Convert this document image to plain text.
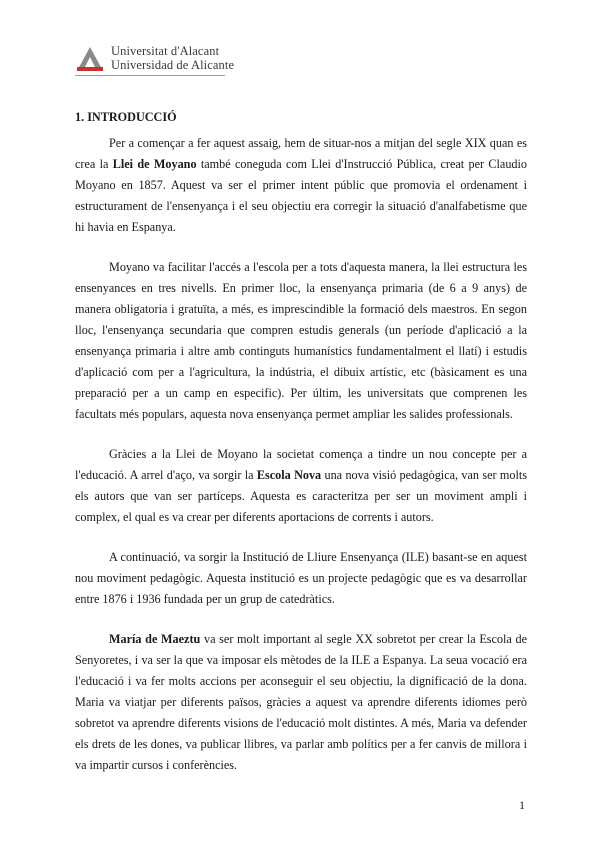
Universitat d'Alacant
Universidad de Alicante
1. INTRODUCCIÓ

Per a començar a fer aquest assaig, hem de situar-nos a mitjan del segle XIX quan es crea la Llei de Moyano també coneguda com Llei d'Instrucció Pública, creat per Claudio Moyano en 1857. Aquest va ser el primer intent públic que promovia el ordenament i estructurament de l'ensenyança i el seu objectiu era corregir la situació d'analfabetisme que hi havia en Espanya.

Moyano va facilitar l'accés a l'escola per a tots d'aquesta manera, la llei estructura les ensenyances en tres nivells. En primer lloc, la ensenyança primaria (de 6 a 9 anys) de manera obligatoria i gratuïta, a més, es imprescindible la formació dels maestros. En segon lloc, l'ensenyança secundaria que compren estudis generals (un període d'aplicació a la ensenyança primaria i altre amb continguts humanístics fundamentalment el llatí) i estudis d'aplicació com per a l'agricultura, la indústria, el dibuix artístic, etc (bàsicament es una preparació per a un camp en especific). Per últim, les universitats que comprenen les facultats més populars, aquesta nova ensenyança permet ampliar les salides professionals.

Gràcies a la Llei de Moyano la societat comença a tindre un nou concepte per a l'educació. A arrel d'aço, va sorgir la Escola Nova una nova visió pedagògica, van ser molts els autors que van ser partíceps. Aquesta es caracteritza per ser un moviment ampli i complex, el qual es va crear per diferents aportacions de corrents i autors.

A continuació, va sorgir la Institució de Lliure Ensenyança (ILE) basant-se en aquest nou moviment pedagògic. Aquesta institució es un projecte pedagògic que es va desarrollar entre 1876 i 1936 fundada per un grup de catedràtics.

María de Maeztu va ser molt important al segle XX sobretot per crear la Escola de Senyoretes, i va ser la que va imposar els mètodes de la ILE a Espanya. La seua vocació era l'educació i va fer molts accions per aconseguir el seu objectiu, la dignificació de la dona. Maria va viatjar per diferents països, gràcies a aquest va aprendre diferents idiomes però sobretot va aprendre diferents visions de l'educació molt distintes. A més, Maria va defender els drets de les dones, va publicar llibres, va parlar amb polítics per a fer canvis de millora i va impartir cursos i conferències.

1
